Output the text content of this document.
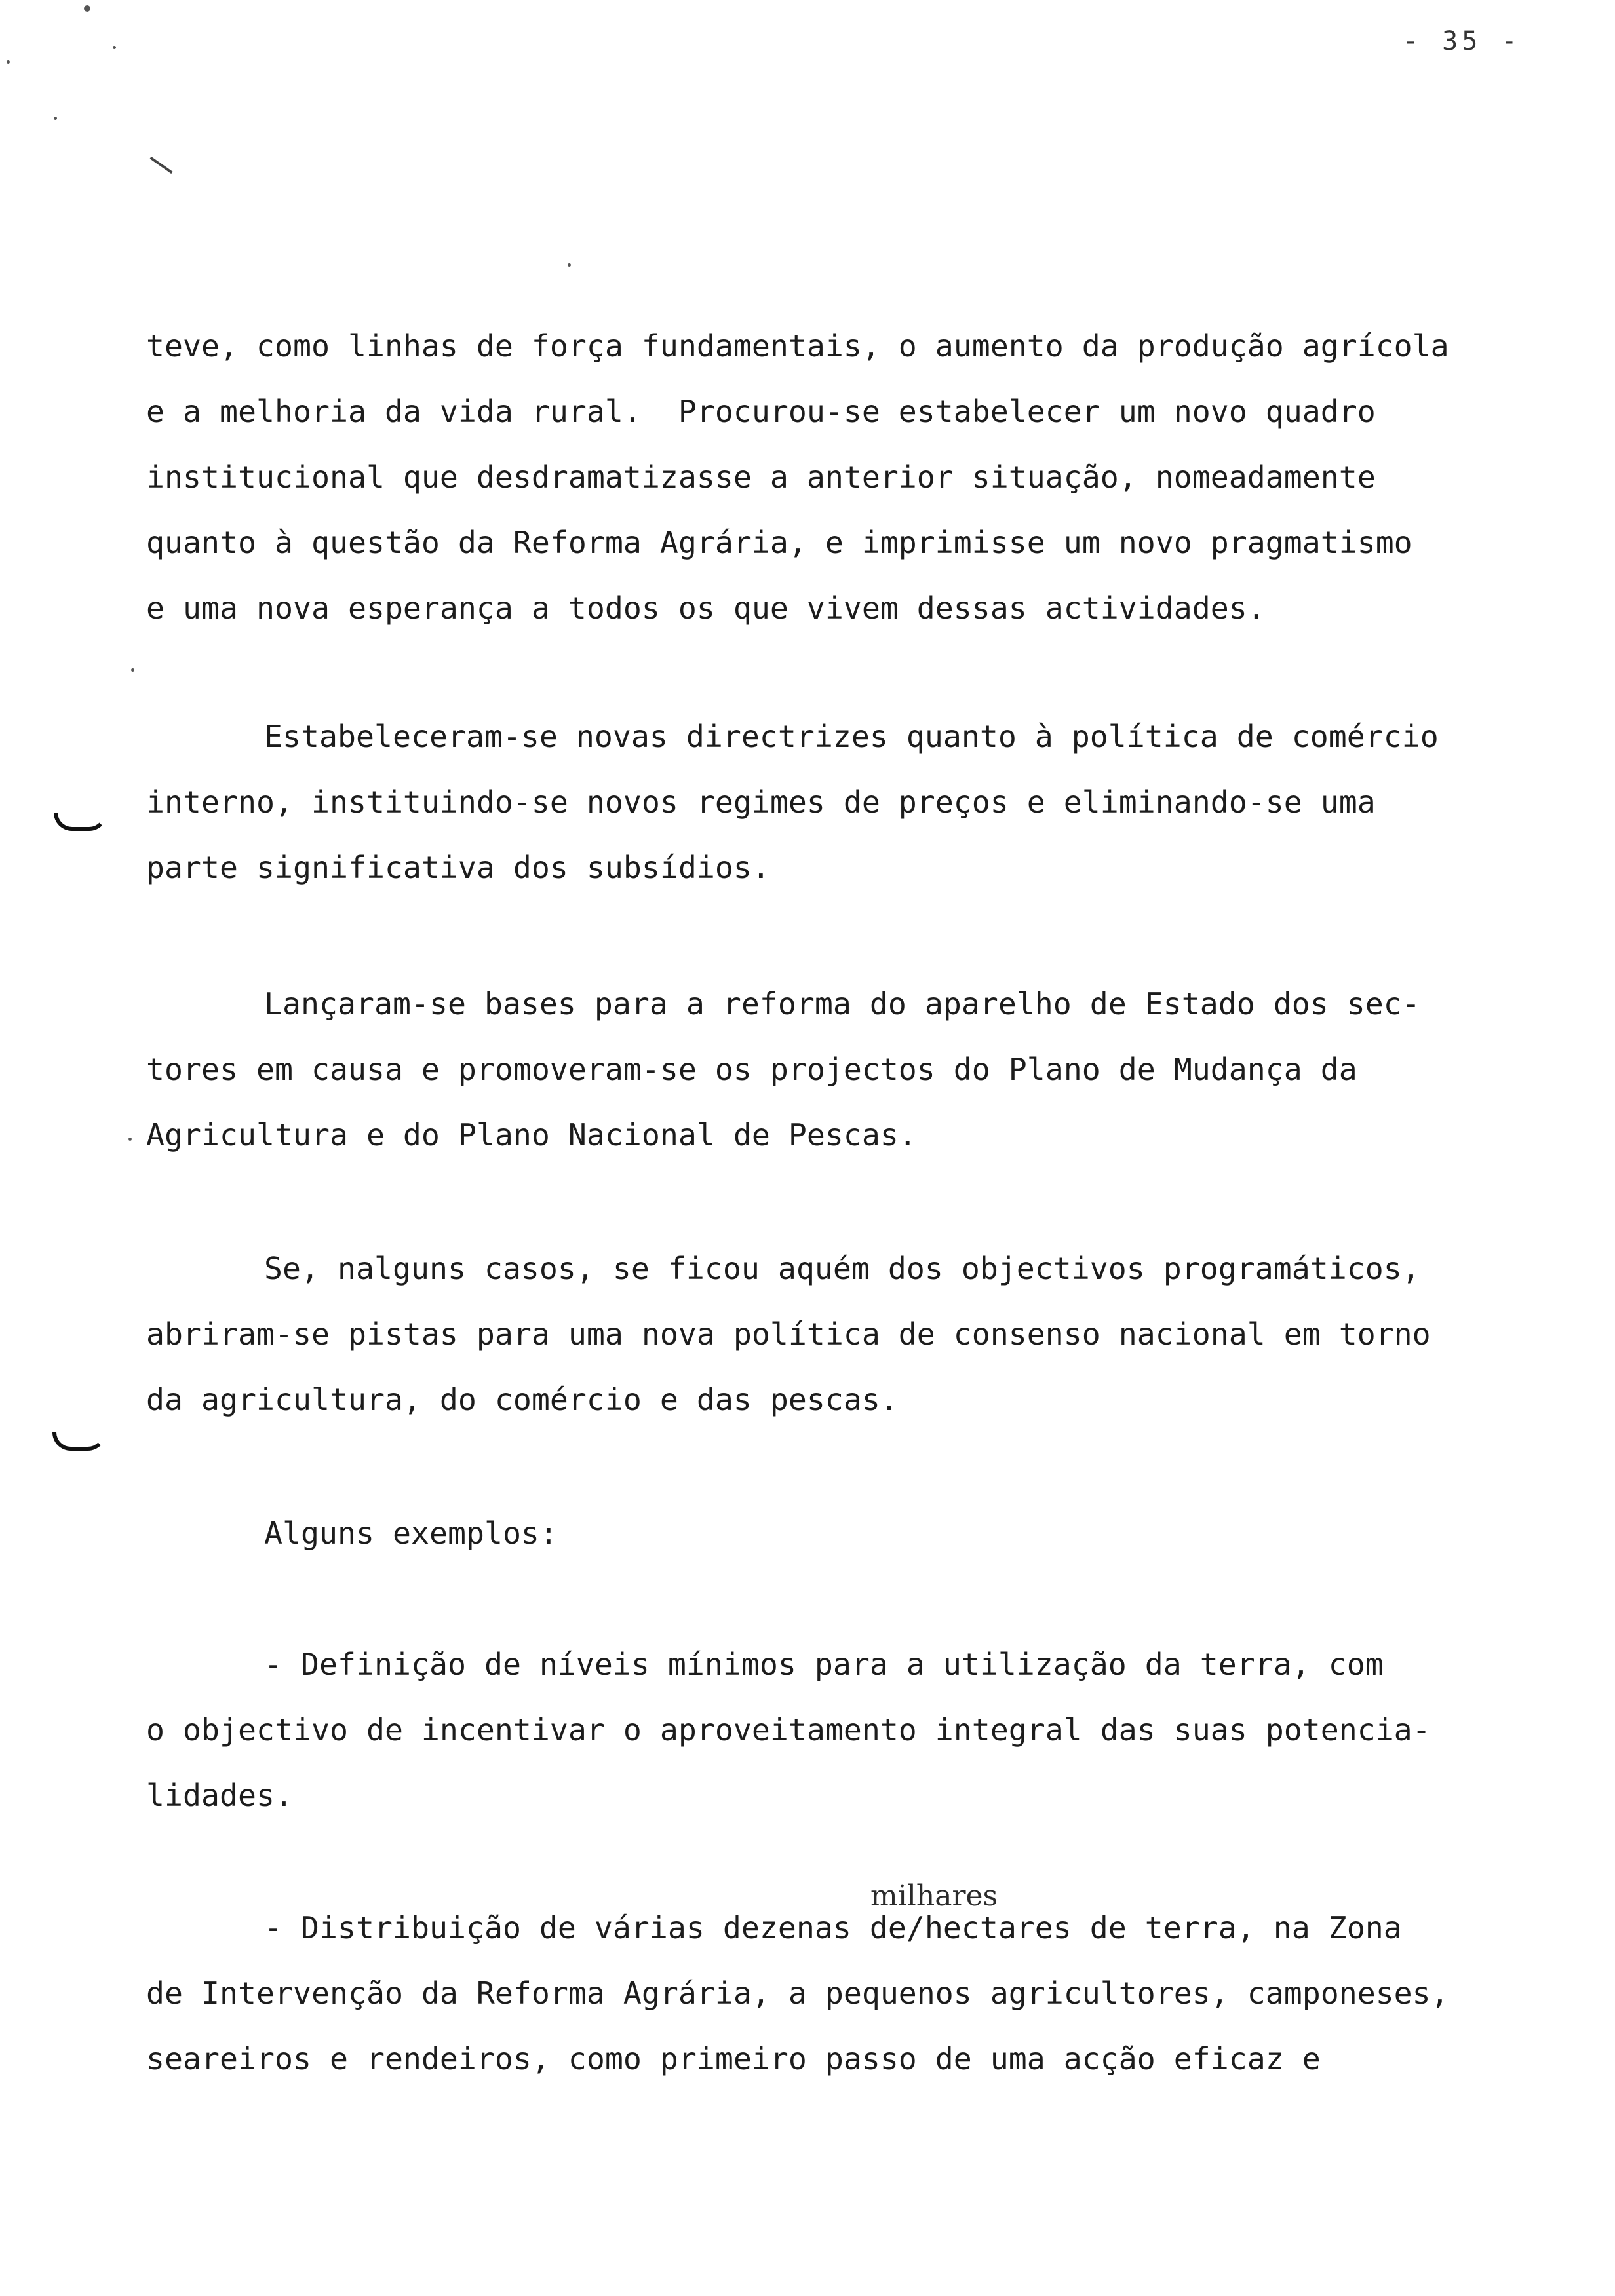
- 35 -
teve, como linhas de força fundamentais, o aumento da produção agrícola
e a melhoria da vida rural.  Procurou-se estabelecer um novo quadro
institucional que desdramatizasse a anterior situação, nomeadamente
quanto à questão da Reforma Agrária, e imprimisse um novo pragmatismo
e uma nova esperança a todos os que vivem dessas actividades.
Estabeleceram-se novas directrizes quanto à política de comércio
interno, instituindo-se novos regimes de preços e eliminando-se uma
parte significativa dos subsídios.
Lançaram-se bases para a reforma do aparelho de Estado dos sec-
tores em causa e promoveram-se os projectos do Plano de Mudança da
Agricultura e do Plano Nacional de Pescas.
Se, nalguns casos, se ficou aquém dos objectivos programáticos,
abriram-se pistas para uma nova política de consenso nacional em torno
da agricultura, do comércio e das pescas.
Alguns exemplos:
- Definição de níveis mínimos para a utilização da terra, com
o objectivo de incentivar o aproveitamento integral das suas potencia-
lidades.
milhares
- Distribuição de várias dezenas de/hectares de terra, na Zona
de Intervenção da Reforma Agrária, a pequenos agricultores, camponeses,
seareiros e rendeiros, como primeiro passo de uma acção eficaz e
